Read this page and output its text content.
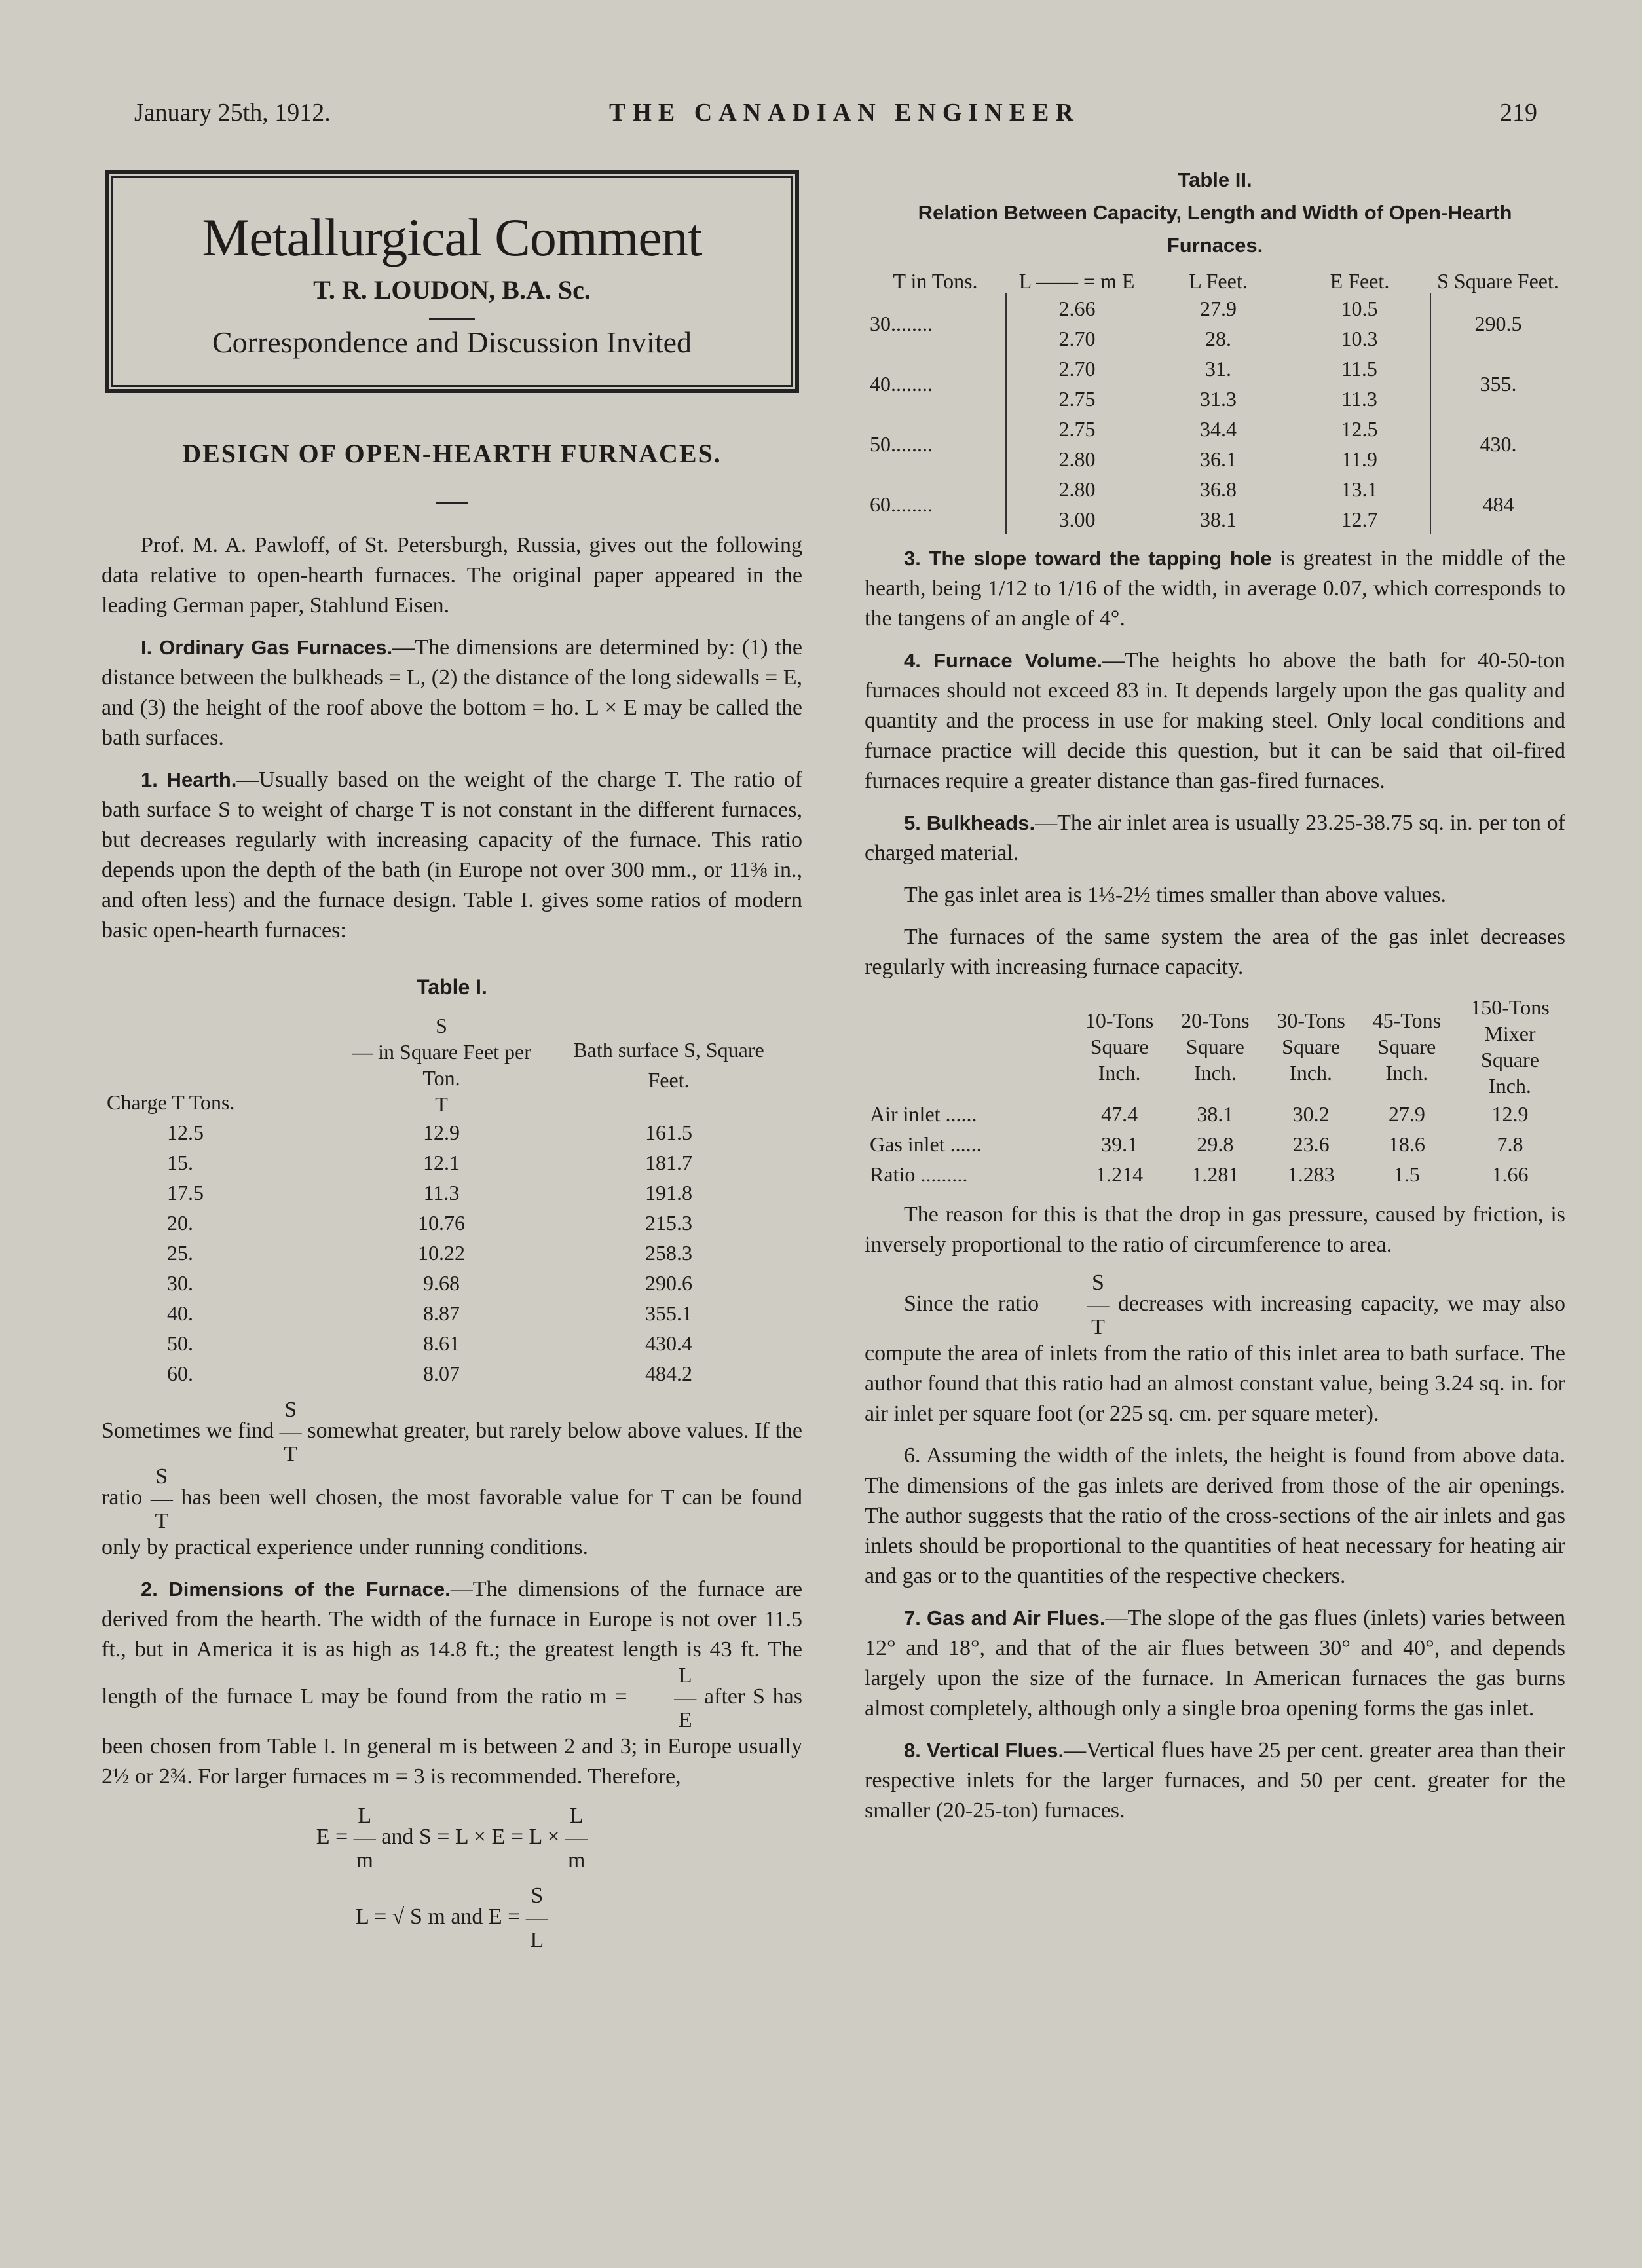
January 25th, 1912.	THE CANADIAN ENGINEER	219
Metallurgical Comment
T. R. LOUDON, B.A. Sc.
Correspondence and Discussion Invited
DESIGN OF OPEN-HEARTH FURNACES.

Prof. M. A. Pawloff, of St. Petersburgh, Russia, gives out the following data relative to open-hearth furnaces. The original paper appeared in the leading German paper, Stahlund Eisen.

I. Ordinary Gas Furnaces.—The dimensions are determined by: (1) the distance between the bulkheads = L, (2) the distance of the long sidewalls = E, and (3) the height of the roof above the bottom = ho. L × E may be called the bath surfaces.

1. Hearth.—Usually based on the weight of the charge T. The ratio of bath surface S to weight of charge T is not constant in the different furnaces, but decreases regularly with increasing capacity of the furnace. This ratio depends upon the depth of the bath (in Europe not over 300 mm., or 11⅜ in., and often less) and the furnace design. Table I. gives some ratios of modern basic open-hearth furnaces:

Table I.
Charge T Tons.	S
— in Square Feet per Ton.
T	Bath surface S, Square Feet.
12.5	12.9	161.5
15.	12.1	181.7
17.5	11.3	191.8
20.	10.76	215.3
25.	10.22	258.3
30.	9.68	290.6
40.	8.87	355.1
50.	8.61	430.4
60.	8.07	484.2

Sometimes we find
S
—
T
somewhat greater, but rarely below above values. If the ratio
S
—
T
has been well chosen, the most favorable value for T can be found only by practical experience under running conditions.

2. Dimensions of the Furnace.—The dimensions of the furnace are derived from the hearth. The width of the furnace in Europe is not over 11.5 ft., but in America it is as high as 14.8 ft.; the greatest length is 43 ft. The length of the furnace L may be found from the ratio m =
L
—
E
after S has been chosen from Table I. In general m is between 2 and 3; in Europe usually 2½ or 2¾. For larger furnaces m = 3 is recommended. Therefore,

E =
L
—
m
and S = L × E = L ×
L
—
m
L = √ S m and E =
S
—
L
Table II.
Relation Between Capacity, Length and Width of Open-Hearth Furnaces.
T in Tons.	L —— = m E	L Feet.	E Feet.	S Square Feet.
30........	2.66	27.9	10.5	290.5
	2.70	28.	10.3	
40........	2.70	31.	11.5	355.
	2.75	31.3	11.3	
50........	2.75	34.4	12.5	430.
	2.80	36.1	11.9	
60........	2.80	36.8	13.1	484
	3.00	38.1	12.7	

3. The slope toward the tapping hole is greatest in the middle of the hearth, being 1/12 to 1/16 of the width, in average 0.07, which corresponds to the tangens of an angle of 4°.

4. Furnace Volume.—The heights ho above the bath for 40-50-ton furnaces should not exceed 83 in. It depends largely upon the gas quality and quantity and the process in use for making steel. Only local conditions and furnace practice will decide this question, but it can be said that oil-fired furnaces require a greater distance than gas-fired furnaces.

5. Bulkheads.—The air inlet area is usually 23.25-38.75 sq. in. per ton of charged material.

The gas inlet area is 1⅓-2½ times smaller than above values.

The furnaces of the same system the area of the gas inlet decreases regularly with increasing furnace capacity.

	10-Tons Square Inch.	20-Tons Square Inch.	30-Tons Square Inch.	45-Tons Square Inch.	150-Tons Mixer Square Inch.
Air inlet ......	47.4	38.1	30.2	27.9	12.9
Gas inlet ......	39.1	29.8	23.6	18.6	7.8
Ratio .........	1.214	1.281	1.283	1.5	1.66

The reason for this is that the drop in gas pressure, caused by friction, is inversely proportional to the ratio of circumference to area.

Since the ratio
S
—
T
decreases with increasing capacity, we may also compute the area of inlets from the ratio of this inlet area to bath surface. The author found that this ratio had an almost constant value, being 3.24 sq. in. for air inlet per square foot (or 225 sq. cm. per square meter).

6. Assuming the width of the inlets, the height is found from above data. The dimensions of the gas inlets are derived from those of the air openings. The author suggests that the ratio of the cross-sections of the air inlets and gas inlets should be proportional to the quantities of heat necessary for heating air and gas or to the quantities of the respective checkers.

7. Gas and Air Flues.—The slope of the gas flues (inlets) varies between 12° and 18°, and that of the air flues between 30° and 40°, and depends largely upon the size of the furnace. In American furnaces the gas burns almost completely, although only a single broa opening forms the gas inlet.

8. Vertical Flues.—Vertical flues have 25 per cent. greater area than their respective inlets for the larger furnaces, and 50 per cent. greater for the smaller (20-25-ton) furnaces.
